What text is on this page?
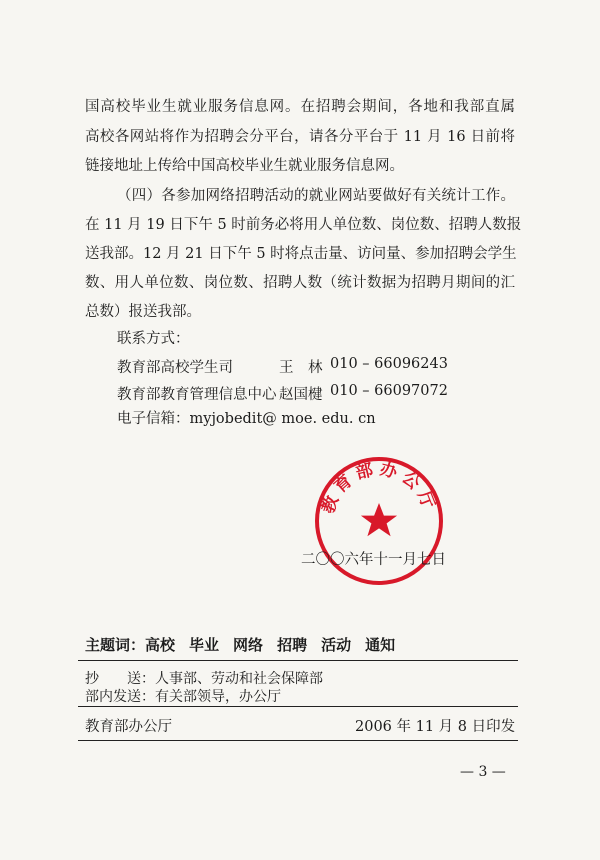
国高校毕业生就业服务信息网。在招聘会期间，各地和我部直属
高校各网站将作为招聘会分平台，请各分平台于 11 月 16 日前将
链接地址上传给中国高校毕业生就业服务信息网。
（四）各参加网络招聘活动的就业网站要做好有关统计工作。
在 11 月 19 日下午 5 时前务必将用人单位数、岗位数、招聘人数报
送我部。12 月 21 日下午 5 时将点击量、访问量、参加招聘会学生
数、用人单位数、岗位数、招聘人数（统计数据为招聘月期间的汇
总数）报送我部。
联系方式：
教育部高校学生司	王　林 010 – 66096243
教育部教育管理信息中心 赵国楗 010 – 66097072
电子信箱：myjobedit@ moe. edu. cn
教育部办公厅
二〇〇六年十一月七日
主题词：高校 毕业 网络 招聘 活动 通知
抄　　送：人事部、劳动和社会保障部
部内发送：有关部领导，办公厅
教育部办公厅	2006 年 11 月 8 日印发
— 3 —
